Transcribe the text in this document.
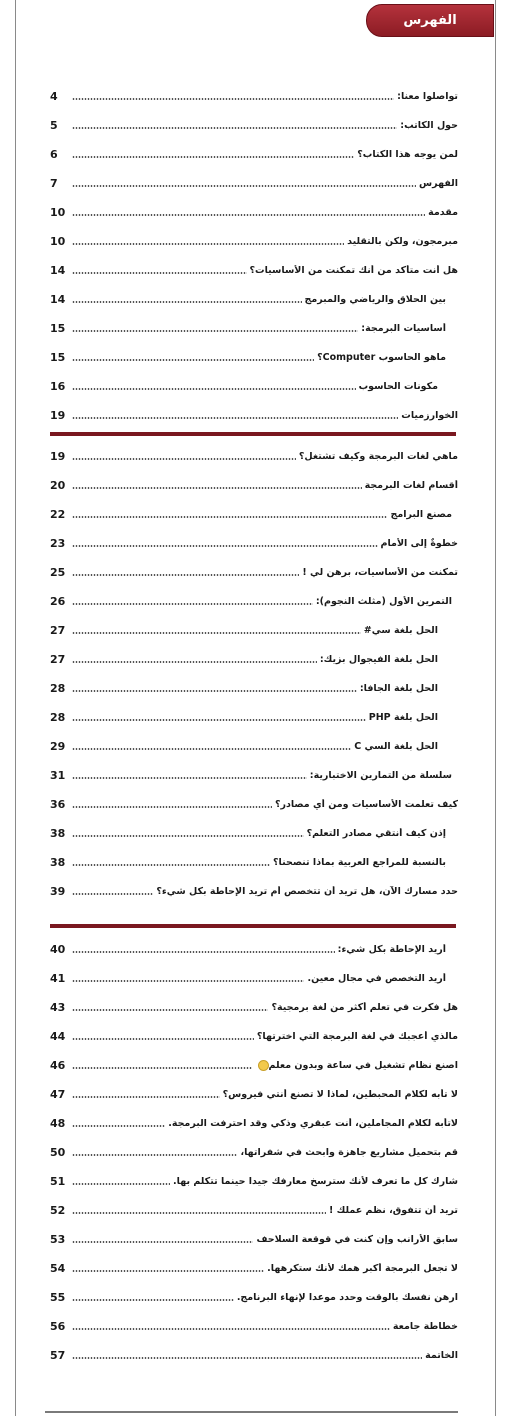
الفهرس
4	تواصلوا معنا:
5	حول الكاتب:
6	لمن يوجه هذا الكتاب؟
7	الفهرس
10	مقدمة
10	مبرمجون، ولكن بالتقليد
14	هل أنت متأكد من أنك تمكنت من الأساسيات؟
14	بين الحلاق والرياضي والمبرمج
15	أساسيات البرمجة:
15	ماهو الحاسوب Computer؟
16	مكونات الحاسوب
19	الخوارزميات
19	ماهي لغات البرمجة وكيف تشتغل؟
20	أقسام لغات البرمجة
22	مصنع البرامج
23	خطوةٌ إلى الأمام
25	تمكنت من الأساسيات، برهن لي !
26	التمرين الأول (مثلث النجوم):
27	الحل بلغة سي#
27	الحل بلغة الفيجوال بزيك:
28	الحل بلغة الجافا:
28	الحل بلغة PHP
29	الحل بلغة السي C
31	سلسلة من التمارين الاختبارية:
36	كيف تعلمت الأساسيات ومن أي مصادر؟
38	إذن كيف أنتقي مصادر التعلم؟
38	بالنسبة للمراجع العربية بماذا تنصحنا؟
39	حدد مسارك الآن، هل تريد أن تتخصص أم تريد الإحاطة بكل شيء؟
40	أريد الإحاطة بكل شيء:
41	أريد التخصص في مجال معين.
43	هل فكرت في تعلم أكثر من لغة برمجية؟
44	مالذي أعجبك في لغة البرمجة التي اخترتها؟
46	اصنع نظام تشغيل في ساعة وبدون معلم
47	لا تأبه لكلام المحبطين، لماذا لا تصنع أنتي فيروس؟
48	لاتأبه لكلام المجاملين، أنت عبقري وذكي وقد احترفت البرمجة.
50	قم بتحميل مشاريع جاهزة وابحث في شفراتها،
51	شارك كل ما تعرف لأنك سترسخ معارفك جيدا حينما تتكلم بها.
52	تريد أن تتفوق، نظم عملك !
53	سابق الأرانب وإن كنت في قوقعة السلاحف
54	لا تجعل البرمجة أكبر همك لأنك ستكرهها.
55	ارهن نفسك بالوقت وحدد موعدا لإنهاء البرنامج.
56	خطاطة جامعة
57	الخاتمة
